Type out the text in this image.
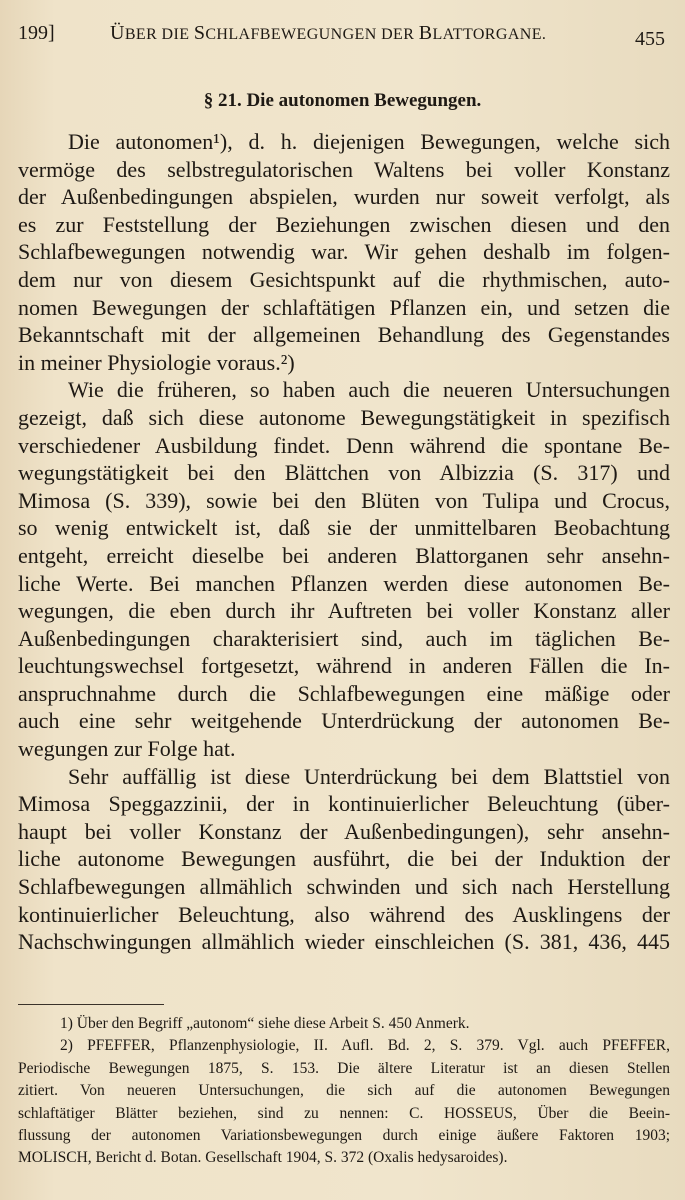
199]	ÜBER DIE SCHLAFBEWEGUNGEN DER BLATTORGANE.	455
§ 21. Die autonomen Bewegungen.
Die autonomen¹), d. h. diejenigen Bewegungen, welche sich
vermöge des selbstregulatorischen Waltens bei voller Konstanz
der Außenbedingungen abspielen, wurden nur soweit verfolgt, als
es zur Feststellung der Beziehungen zwischen diesen und den
Schlafbewegungen notwendig war. Wir gehen deshalb im folgen-
dem nur von diesem Gesichtspunkt auf die rhythmischen, auto-
nomen Bewegungen der schlaftätigen Pflanzen ein, und setzen die
Bekanntschaft mit der allgemeinen Behandlung des Gegenstandes
in meiner Physiologie voraus.²)
Wie die früheren, so haben auch die neueren Untersuchungen
gezeigt, daß sich diese autonome Bewegungstätigkeit in spezifisch
verschiedener Ausbildung findet. Denn während die spontane Be-
wegungstätigkeit bei den Blättchen von Albizzia (S. 317) und
Mimosa (S. 339), sowie bei den Blüten von Tulipa und Crocus,
so wenig entwickelt ist, daß sie der unmittelbaren Beobachtung
entgeht, erreicht dieselbe bei anderen Blattorganen sehr ansehn-
liche Werte. Bei manchen Pflanzen werden diese autonomen Be-
wegungen, die eben durch ihr Auftreten bei voller Konstanz aller
Außenbedingungen charakterisiert sind, auch im täglichen Be-
leuchtungswechsel fortgesetzt, während in anderen Fällen die In-
anspruchnahme durch die Schlafbewegungen eine mäßige oder
auch eine sehr weitgehende Unterdrückung der autonomen Be-
wegungen zur Folge hat.
Sehr auffällig ist diese Unterdrückung bei dem Blattstiel von
Mimosa Speggazzinii, der in kontinuierlicher Beleuchtung (über-
haupt bei voller Konstanz der Außenbedingungen), sehr ansehn-
liche autonome Bewegungen ausführt, die bei der Induktion der
Schlafbewegungen allmählich schwinden und sich nach Herstellung
kontinuierlicher Beleuchtung, also während des Ausklingens der
Nachschwingungen allmählich wieder einschleichen (S. 381, 436, 445
1) Über den Begriff „autonom“ siehe diese Arbeit S. 450 Anmerk.
2) PFEFFER, Pflanzenphysiologie, II. Aufl. Bd. 2, S. 379. Vgl. auch PFEFFER,
Periodische Bewegungen 1875, S. 153. Die ältere Literatur ist an diesen Stellen
zitiert. Von neueren Untersuchungen, die sich auf die autonomen Bewegungen
schlaftätiger Blätter beziehen, sind zu nennen: C. HOSSEUS, Über die Beein-
flussung der autonomen Variationsbewegungen durch einige äußere Faktoren 1903;
MOLISCH, Bericht d. Botan. Gesellschaft 1904, S. 372 (Oxalis hedysaroides).
